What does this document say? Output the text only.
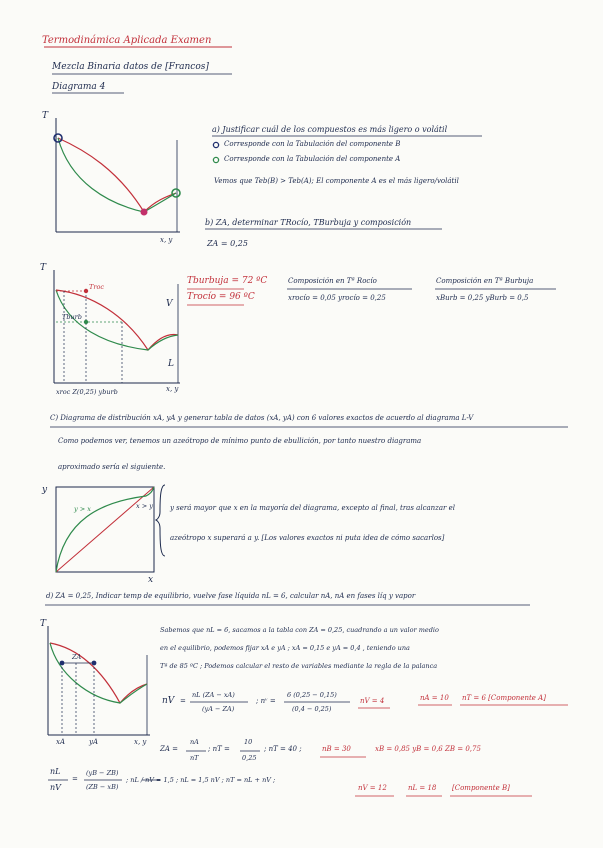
Termodinámica Aplicada Examen
Mezcla Binaria datos de [Francos]
Diagrama 4
T
x, y
a) Justificar cuál de los compuestos es más ligero o volátil
Corresponde con la Tabulación del componente B
Corresponde con la Tabulación del componente A
Vemos que Teb(B) > Teb(A); El componente A es el más ligero/volátil
b) ZA, determinar TRocío, TBurbuja y composición
ZA = 0,25
T
Troc
Tburb
V
L
xroc Z(0,25) yburb	x, y
Tburbuja = 72 ºC
Trocío = 96 ºC
Composición en Tª Rocío
xrocío = 0,05 yrocío = 0,25
Composición en Tª Burbuja
xBurb = 0,25 yBurb = 0,5
C) Diagrama de distribución xA, yA y generar tabla de datos (xA, yA) con 6 valores exactos de acuerdo al diagrama L-V
Como podemos ver, tenemos un azeótropo de mínimo punto de ebullición, por tanto nuestro diagrama
aproximado sería el siguiente.
y
x
y > x	x > y y será mayor que x en la mayoría del diagrama, excepto al final, tras alcanzar el
azeótropo x superará a y. [Los valores exactos ni puta idea de cómo sacarlos]
d) ZA = 0,25, Indicar temp de equilibrio, vuelve fase líquida nL = 6, calcular nA, nA en fases líq y vapor
T
ZA
xA	yA	x, y
Sabemos que nL = 6, sacamos a la tabla con ZA = 0,25, cuadrando a un valor medio
en el equilibrio, podemos fijar xA e yA ; xA = 0,15 e yA = 0,4 , teniendo una
Tª de 85 ºC ; Podemos calcular el resto de variables mediante la regla de la palanca
nV =
nL (ZA − xA)
(yA − ZA)
; nᵛ =
6 (0,25 − 0,15)
(0,4 − 0,25)
nV = 4	nA = 10 nT = 6 [Componente A]
ZA =
nA
nT
; nT =
10
0,25
; nT = 40 ;	nB = 30	xB = 0,85 yB = 0,6 ZB = 0,75
nL
nV
=
(yB − ZB)
(ZB − xB)
; nL / nV = 1,5 ; nL = 1,5 nV ; nT = nL + nV ;
nV = 12	nL = 18 [Componente B]
